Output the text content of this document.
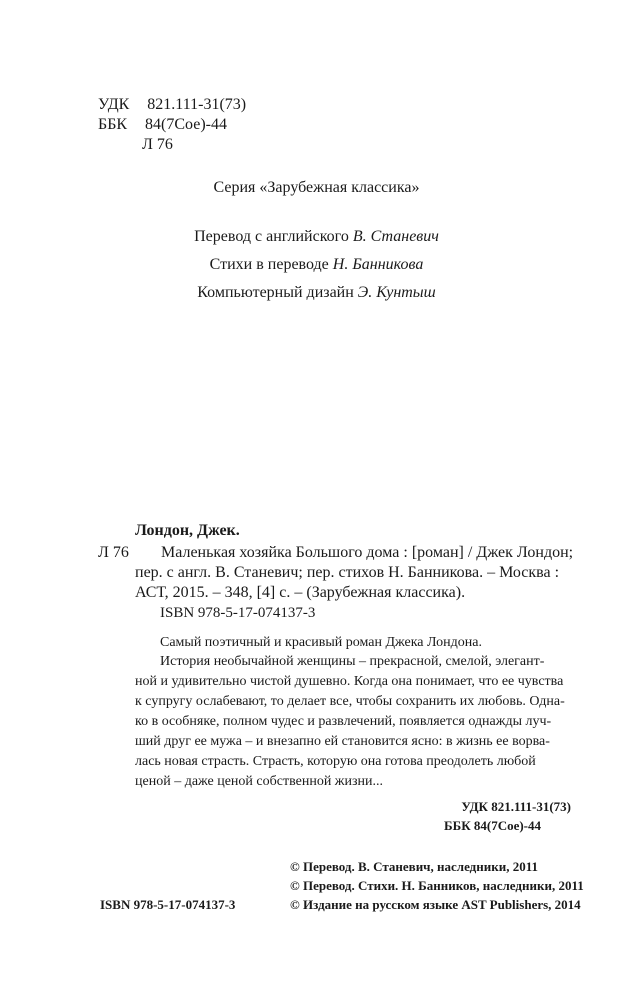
УДК 821.111-31(73)
ББК 84(7Сое)-44
Л 76
Серия «Зарубежная классика»
Перевод с английского В. Станевич
Стихи в переводе Н. Банникова
Компьютерный дизайн Э. Кунтыш
Лондон, Джек.
Л 76	Маленькая хозяйка Большого дома : [роман] / Джек Лондон;
пер. с англ. В. Станевич; пер. стихов Н. Банникова. – Москва :
АСТ, 2015. – 348, [4] с. – (Зарубежная классика).
ISBN 978-5-17-074137-3
Самый поэтичный и красивый роман Джека Лондона.
История необычайной женщины – прекрасной, смелой, элегант-
ной и удивительно чистой душевно. Когда она понимает, что ее чувства
к супругу ослабевают, то делает все, чтобы сохранить их любовь. Одна-
ко в особняке, полном чудес и развлечений, появляется однажды луч-
ший друг ее мужа – и внезапно ей становится ясно: в жизнь ее ворва-
лась новая страсть. Страсть, которую она готова преодолеть любой
ценой – даже ценой собственной жизни...
УДК 821.111-31(73)
ББК 84(7Сое)-44
© Перевод. В. Станевич, наследники, 2011
© Перевод. Стихи. Н. Банников, наследники, 2011
© Издание на русском языке AST Publishers, 2014
ISBN 978-5-17-074137-3
